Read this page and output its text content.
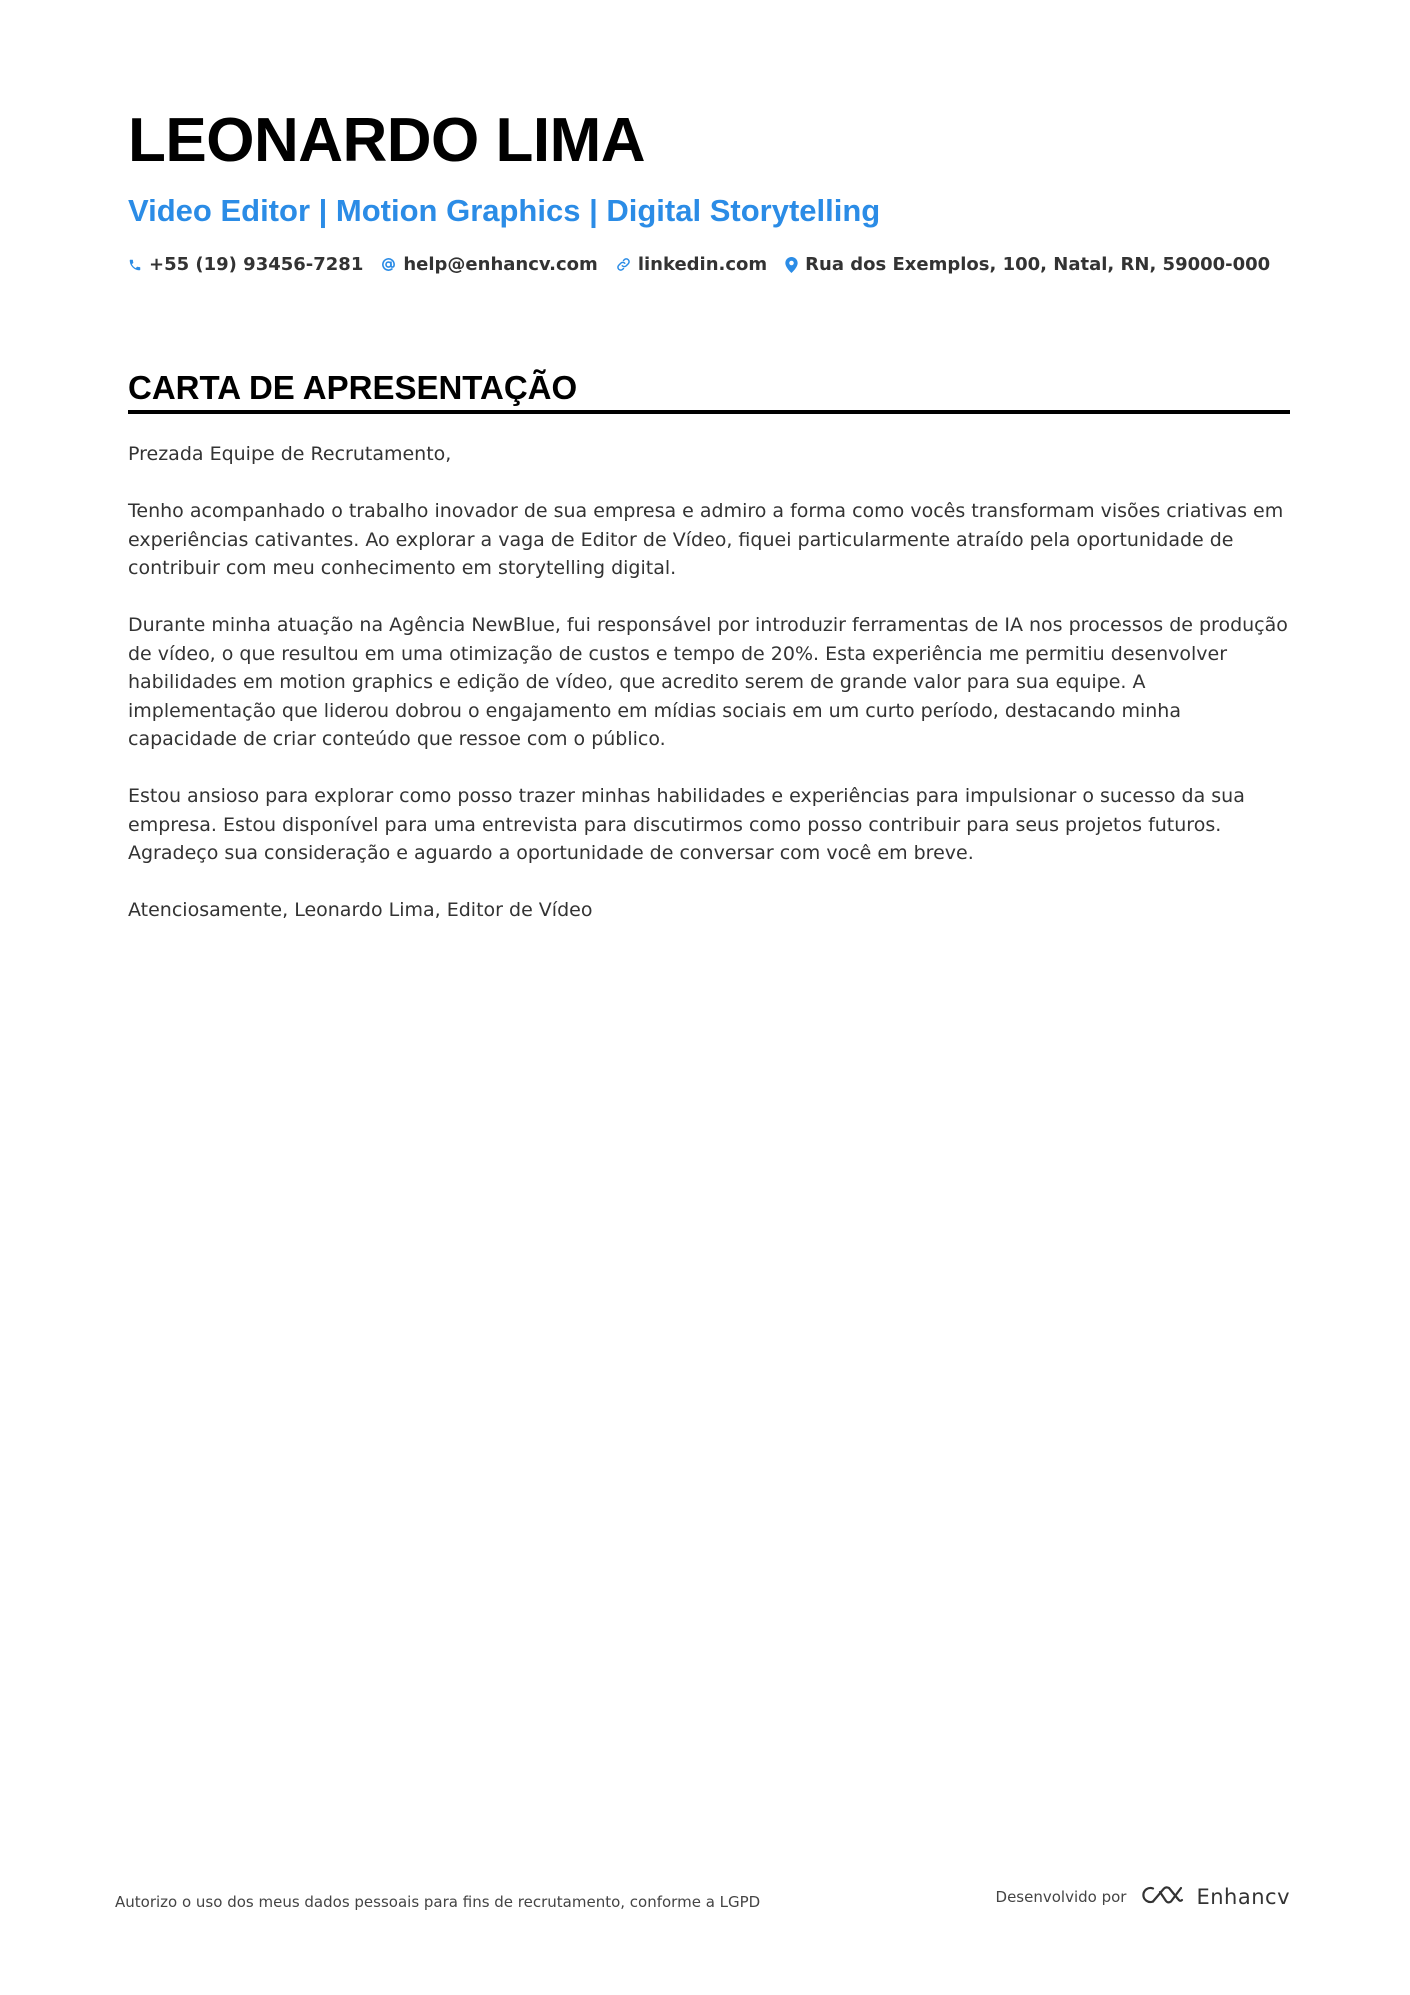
LEONARDO LIMA
Video Editor | Motion Graphics | Digital Storytelling
+55 (19) 93456-7281 help@enhancv.com linkedin.com Rua dos Exemplos, 100, Natal, RN, 59000-000
CARTA DE APRESENTAÇÃO

Prezada Equipe de Recrutamento,

Tenho acompanhado o trabalho inovador de sua empresa e admiro a forma como vocês transformam visões criativas em experiências cativantes. Ao explorar a vaga de Editor de Vídeo, fiquei particularmente atraído pela oportunidade de contribuir com meu conhecimento em storytelling digital.

Durante minha atuação na Agência NewBlue, fui responsável por introduzir ferramentas de IA nos processos de produção de vídeo, o que resultou em uma otimização de custos e tempo de 20%. Esta experiência me permitiu desenvolver habilidades em motion graphics e edição de vídeo, que acredito serem de grande valor para sua equipe. A implementação que liderou dobrou o engajamento em mídias sociais em um curto período, destacando minha capacidade de criar conteúdo que ressoe com o público.

Estou ansioso para explorar como posso trazer minhas habilidades e experiências para impulsionar o sucesso da sua empresa. Estou disponível para uma entrevista para discutirmos como posso contribuir para seus projetos futuros. Agradeço sua consideração e aguardo a oportunidade de conversar com você em breve.

Atenciosamente, Leonardo Lima, Editor de Vídeo

Autorizo o uso dos meus dados pessoais para fins de recrutamento, conforme a LGPD	Desenvolvido por	Enhancv
